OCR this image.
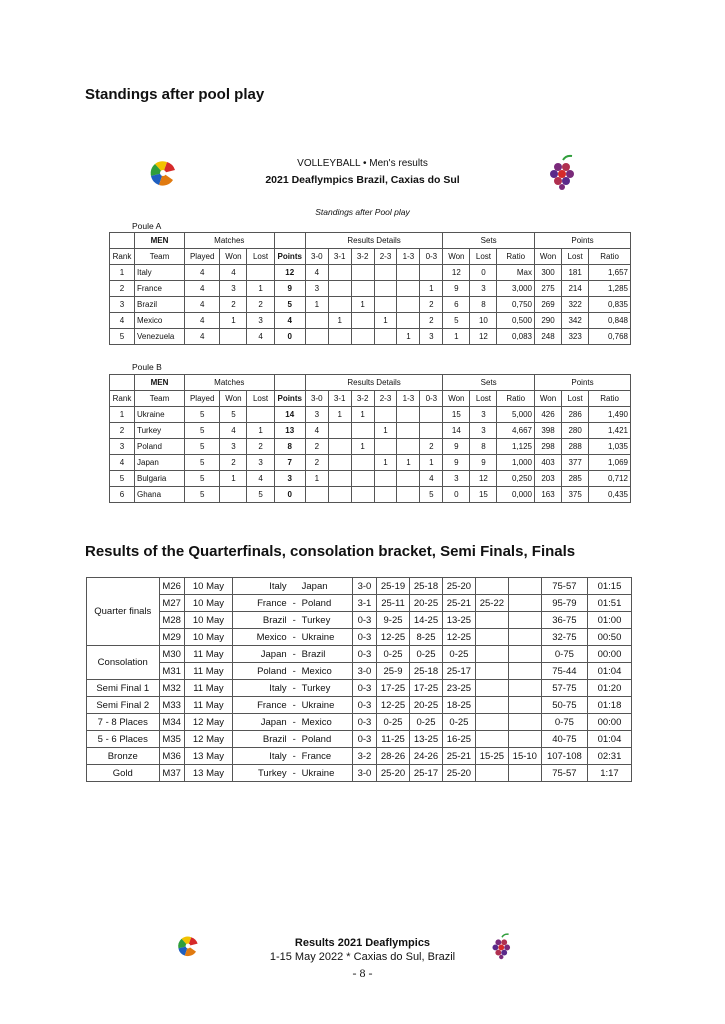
Standings after pool play
VOLLEYBALL • Men's results
2021 Deaflympics Brazil, Caxias do Sul
Standings after Pool play
Poule A
	MEN	Matches				Results Details						Sets			Points		
Rank	Team	Played	Won	Lost	Points	3-0	3-1	3-2	2-3	1-3	0-3	Won	Lost	Ratio	Won	Lost	Ratio
1	Italy	4	4		12	4						12	0	Max	300	181	1,657
2	France	4	3	1	9	3					1	9	3	3,000	275	214	1,285
3	Brazil	4	2	2	5	1		1			2	6	8	0,750	269	322	0,835
4	Mexico	4	1	3	4		1		1		2	5	10	0,500	290	342	0,848
5	Venezuela	4		4	0					1	3	1	12	0,083	248	323	0,768
Poule B
	MEN	Matches				Results Details						Sets			Points		
Rank	Team	Played	Won	Lost	Points	3-0	3-1	3-2	2-3	1-3	0-3	Won	Lost	Ratio	Won	Lost	Ratio
1	Ukraine	5	5		14	3	1	1				15	3	5,000	426	286	1,490
2	Turkey	5	4	1	13	4			1			14	3	4,667	398	280	1,421
3	Poland	5	3	2	8	2		1			2	9	8	1,125	298	288	1,035
4	Japan	5	2	3	7	2			1	1	1	9	9	1,000	403	377	1,069
5	Bulgaria	5	1	4	3	1					4	3	12	0,250	203	285	0,712
6	Ghana	5		5	0						5	0	15	0,000	163	375	0,435
Results of the Quarterfinals, consolation bracket, Semi Finals, Finals
Quarter finals	M26	10 May	Italy		Japan	3-0	25-19	25-18	25-20			75-57	01:15
	M27	10 May	France	-	Poland	3-1	25-11	20-25	25-21	25-22		95-79	01:51
	M28	10 May	Brazil	-	Turkey	0-3	9-25	14-25	13-25			36-75	01:00
	M29	10 May	Mexico	-	Ukraine	0-3	12-25	8-25	12-25			32-75	00:50
Consolation	M30	11 May	Japan	-	Brazil	0-3	0-25	0-25	0-25			0-75	00:00
	M31	11 May	Poland	-	Mexico	3-0	25-9	25-18	25-17			75-44	01:04
Semi Final 1	M32	11 May	Italy	-	Turkey	0-3	17-25	17-25	23-25			57-75	01:20
Semi Final 2	M33	11 May	France	-	Ukraine	0-3	12-25	20-25	18-25			50-75	01:18
7 - 8 Places	M34	12 May	Japan	-	Mexico	0-3	0-25	0-25	0-25			0-75	00:00
5 - 6 Places	M35	12 May	Brazil	-	Poland	0-3	11-25	13-25	16-25			40-75	01:04
Bronze	M36	13 May	Italy	-	France	3-2	28-26	24-26	25-21	15-25	15-10	107-108	02:31
Gold	M37	13 May	Turkey	-	Ukraine	3-0	25-20	25-17	25-20			75-57	1:17
Results 2021 Deaflympics
1-15 May 2022 * Caxias do Sul, Brazil
- 8 -
